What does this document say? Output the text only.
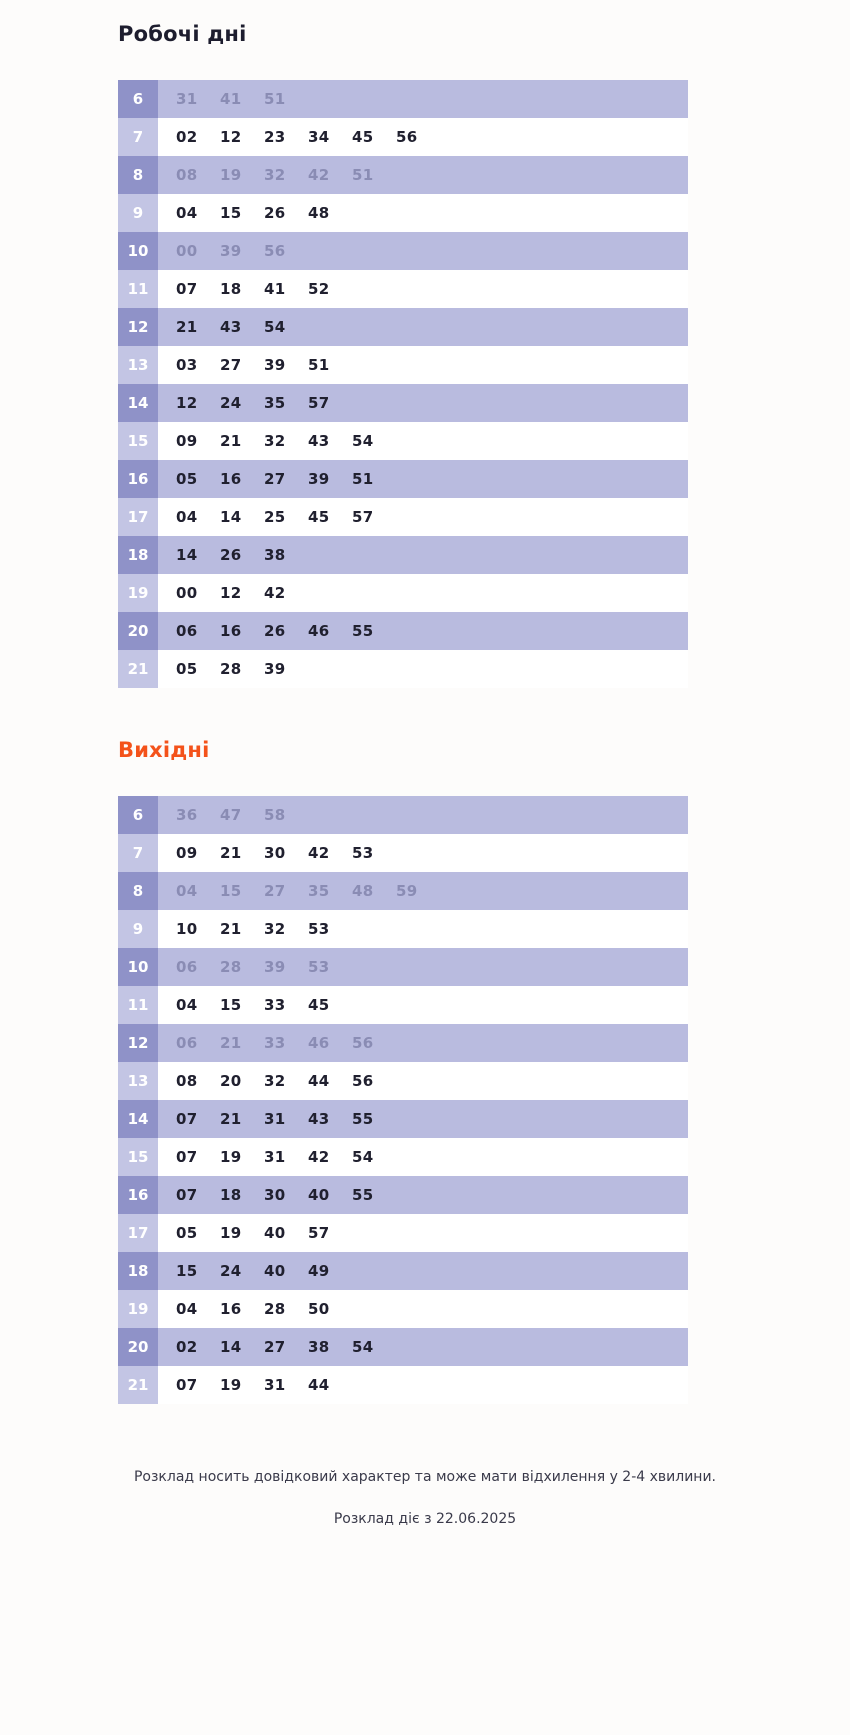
Робочі дні
6	31	41	51
7	02	12	23	34	45	56
8	08	19	32	42	51
9	04	15	26	48
10	00	39	56
11	07	18	41	52
12	21	43	54
13	03	27	39	51
14	12	24	35	57
15	09	21	32	43	54
16	05	16	27	39	51
17	04	14	25	45	57
18	14	26	38
19	00	12	42
20	06	16	26	46	55
21	05	28	39
Вихідні
6	36	47	58
7	09	21	30	42	53
8	04	15	27	35	48	59
9	10	21	32	53
10	06	28	39	53
11	04	15	33	45
12	06	21	33	46	56
13	08	20	32	44	56
14	07	21	31	43	55
15	07	19	31	42	54
16	07	18	30	40	55
17	05	19	40	57
18	15	24	40	49
19	04	16	28	50
20	02	14	27	38	54
21	07	19	31	44

Розклад носить довідковий характер та може мати відхилення у 2-4 хвилини.

Розклад діє з 22.06.2025
